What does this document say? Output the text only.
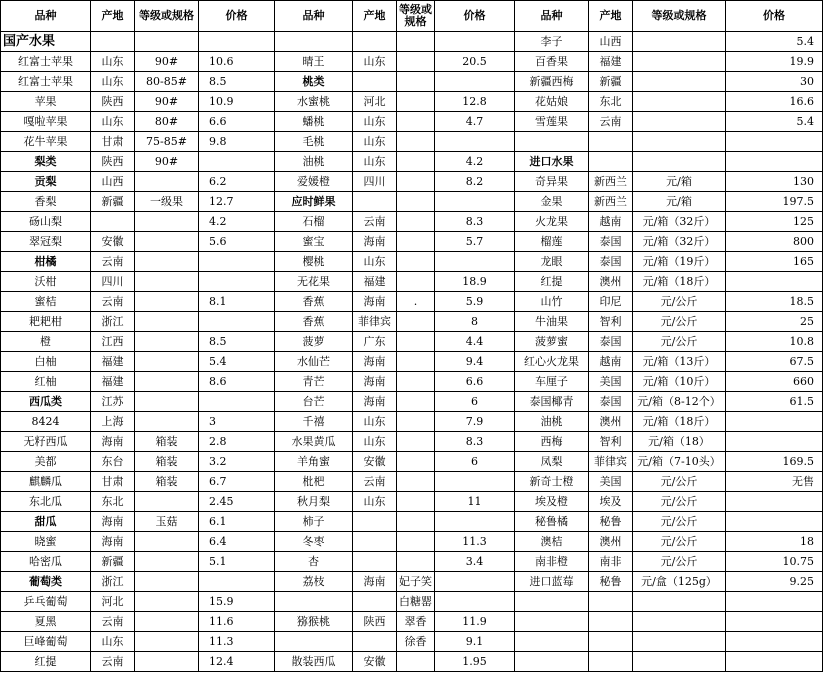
品种	产地	等级或规格	价格	品种	产地	等级或规格	价格	品种	产地	等级或规格	价格
国产水果								李子	山西		5.4
红富士苹果	山东	90#	10.6	晴王	山东		20.5	百香果	福建		19.9
红富士苹果	山东	80-85#	8.5	桃类				新疆西梅	新疆		30
苹果	陕西	90#	10.9	水蜜桃	河北		12.8	花姑娘	东北		16.6
嘎啦苹果	山东	80#	6.6	蟠桃	山东		4.7	雪莲果	云南		5.4
花牛苹果	甘肃	75-85#	9.8	毛桃	山东						
梨类	陕西	90#		油桃	山东		4.2	进口水果			
贡梨	山西		6.2	爱媛橙	四川		8.2	奇异果	新西兰	元/箱	130
香梨	新疆	一级果	12.7	应时鲜果				金果	新西兰	元/箱	197.5
砀山梨			4.2	石榴	云南		8.3	火龙果	越南	元/箱（32斤）	125
翠冠梨	安徽		5.6	蜜宝	海南		5.7	榴莲	泰国	元/箱（32斤）	800
柑橘	云南			樱桃	山东			龙眼	泰国	元/箱（19斤）	165
沃柑	四川			无花果	福建		18.9	红提	澳州	元/箱（18斤）	
蜜桔	云南		8.1	香蕉	海南	.	5.9	山竹	印尼	元/公斤	18.5
耙耙柑	浙江			香蕉	菲律宾		8	牛油果	智利	元/公斤	25
橙	江西		8.5	菠萝	广东		4.4	菠萝蜜	泰国	元/公斤	10.8
白柚	福建		5.4	水仙芒	海南		9.4	红心火龙果	越南	元/箱（13斤）	67.5
红柚	福建		8.6	青芒	海南		6.6	车厘子	美国	元/箱（10斤）	660
西瓜类	江苏			台芒	海南		6	泰国椰青	泰国	元/箱（8-12个）	61.5
8424	上海		3	千禧	山东		7.9	油桃	澳州	元/箱（18斤）	
无籽西瓜	海南	箱装	2.8	水果黄瓜	山东		8.3	西梅	智利	元/箱（18）	
美都	东台	箱装	3.2	羊角蜜	安徽		6	凤梨	菲律宾	元/箱（7-10头）	169.5
麒麟瓜	甘肃	箱装	6.7	枇杷	云南			新奇士橙	美国	元/公斤	无售
东北瓜	东北		2.45	秋月梨	山东		11	埃及橙	埃及	元/公斤	
甜瓜	海南	玉菇	6.1	柿子				秘鲁橘	秘鲁	元/公斤	
晓蜜	海南		6.4	冬枣			11.3	澳桔	澳州	元/公斤	18
哈密瓜	新疆		5.1	杏			3.4	南非橙	南非	元/公斤	10.75
葡萄类	浙江			荔枝	海南	妃子笑		进口蓝莓	秘鲁	元/盒（125g）	9.25
乒乓葡萄	河北		15.9			白糖罂					
夏黑	云南		11.6	猕猴桃	陕西	翠香	11.9				
巨峰葡萄	山东		11.3			徐香	9.1				
红提	云南		12.4	散装西瓜	安徽		1.95				
